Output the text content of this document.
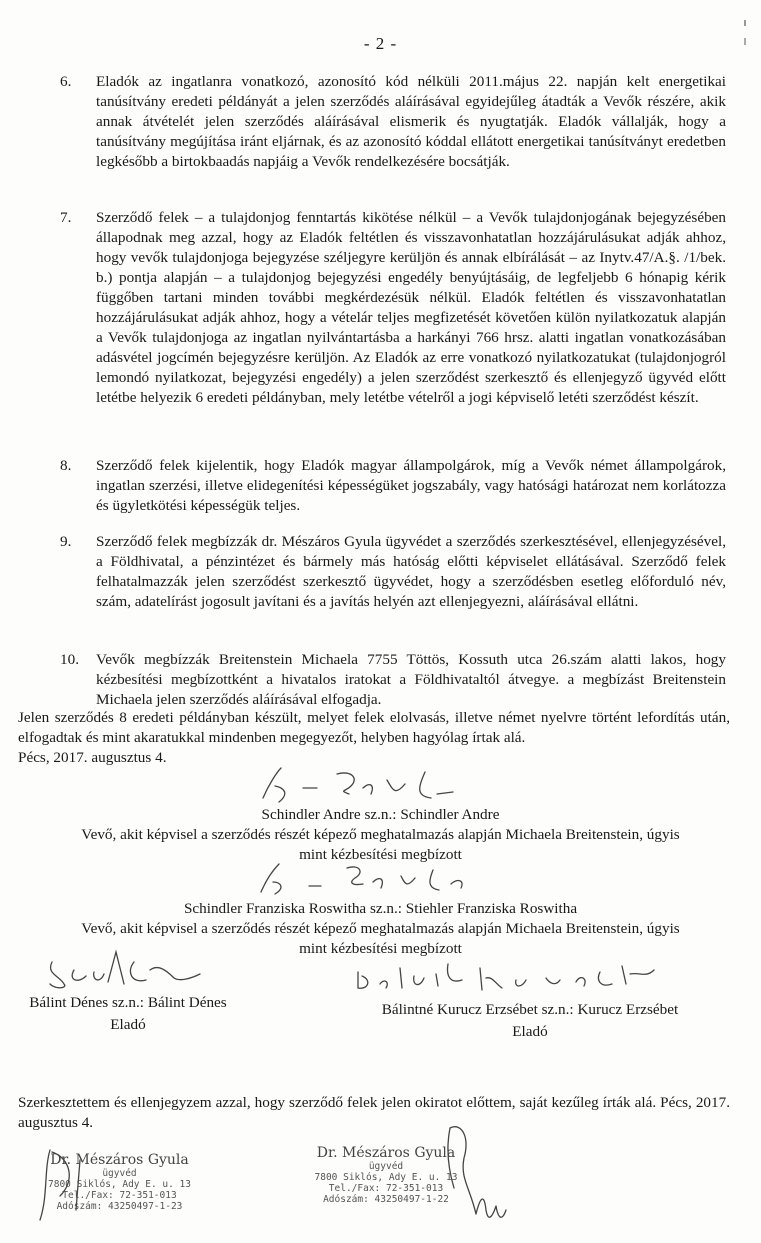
- 2 -
6. Eladók az ingatlanra vonatkozó, azonosító kód nélküli 2011.május 22. napján kelt energetikai tanúsítvány eredeti példányát a jelen szerződés aláírásával egyidejűleg átadták a Vevők részére, akik annak átvételét jelen szerződés aláírásával elismerik és nyugtatják. Eladók vállalják, hogy a tanúsítvány megújítása iránt eljárnak, és az azonosító kóddal ellátott energetikai tanúsítványt eredetben legkésőbb a birtokbaadás napjáig a Vevők rendelkezésére bocsátják.
7. Szerződő felek – a tulajdonjog fenntartás kikötése nélkül – a Vevők tulajdonjogának bejegyzésében állapodnak meg azzal, hogy az Eladók feltétlen és visszavonhatatlan hozzájárulásukat adják ahhoz, hogy vevők tulajdonjoga bejegyzése széljegyre kerüljön és annak elbírálását – az Inytv.47/A.§. /1/bek. b.) pontja alapján – a tulajdonjog bejegyzési engedély benyújtásáig, de legfeljebb 6 hónapig kérik függőben tartani minden további megkérdezésük nélkül. Eladók feltétlen és visszavonhatatlan hozzájárulásukat adják ahhoz, hogy a vételár teljes megfizetését követően külön nyilatkozatuk alapján a Vevők tulajdonjoga az ingatlan nyilvántartásba a harkányi 766 hrsz. alatti ingatlan vonatkozásában adásvétel jogcímén bejegyzésre kerüljön. Az Eladók az erre vonatkozó nyilatkozatukat (tulajdonjogról lemondó nyilatkozat, bejegyzési engedély) a jelen szerződést szerkesztő és ellenjegyző ügyvéd előtt letétbe helyezik 6 eredeti példányban, mely letétbe vételről a jogi képviselő letéti szerződést készít.
8. Szerződő felek kijelentik, hogy Eladók magyar állampolgárok, míg a Vevők német állampolgárok, ingatlan szerzési, illetve elidegenítési képességüket jogszabály, vagy hatósági határozat nem korlátozza és ügyletkötési képességük teljes.
9. Szerződő felek megbízzák dr. Mészáros Gyula ügyvédet a szerződés szerkesztésével, ellenjegyzésével, a Földhivatal, a pénzintézet és bármely más hatóság előtti képviselet ellátásával. Szerződő felek felhatalmazzák jelen szerződést szerkesztő ügyvédet, hogy a szerződésben esetleg előforduló név, szám, adatelírást jogosult javítani és a javítás helyén azt ellenjegyezni, aláírásával ellátni.
10. Vevők megbízzák Breitenstein Michaela 7755 Töttös, Kossuth utca 26.szám alatti lakos, hogy kézbesítési megbízottként a hivatalos iratokat a Földhivataltól átvegye. a megbízást Breitenstein Michaela jelen szerződés aláírásával elfogadja.
Jelen szerződés 8 eredeti példányban készült, melyet felek elolvasás, illetve német nyelvre történt lefordítás után, elfogadtak és mint akaratukkal mindenben megegyezőt, helyben hagyólag írtak alá.
Pécs, 2017. augusztus 4.
Schindler Andre sz.n.: Schindler Andre
Vevő, akit képvisel a szerződés részét képező meghatalmazás alapján Michaela Breitenstein, úgyis
mint kézbesítési megbízott
Schindler Franziska Roswitha sz.n.: Stiehler Franziska Roswitha
Vevő, akit képvisel a szerződés részét képező meghatalmazás alapján Michaela Breitenstein, úgyis
mint kézbesítési megbízott
Bálint Dénes sz.n.: Bálint Dénes
Eladó
Bálintné Kurucz Erzsébet sz.n.: Kurucz Erzsébet
Eladó
Szerkesztettem és ellenjegyzem azzal, hogy szerződő felek jelen okiratot előttem, saját kezűleg írták alá. Pécs, 2017. augusztus 4.
Dr. Mészáros Gyula
ügyvéd
7800 Siklós, Ady E. u. 13
Tel./Fax: 72-351-013
Adószám: 43250497-1-23
Dr. Mészáros Gyula
ügyvéd
7800 Siklós, Ady E. u. 13
Tel./Fax: 72-351-013
Adószám: 43250497-1-22
